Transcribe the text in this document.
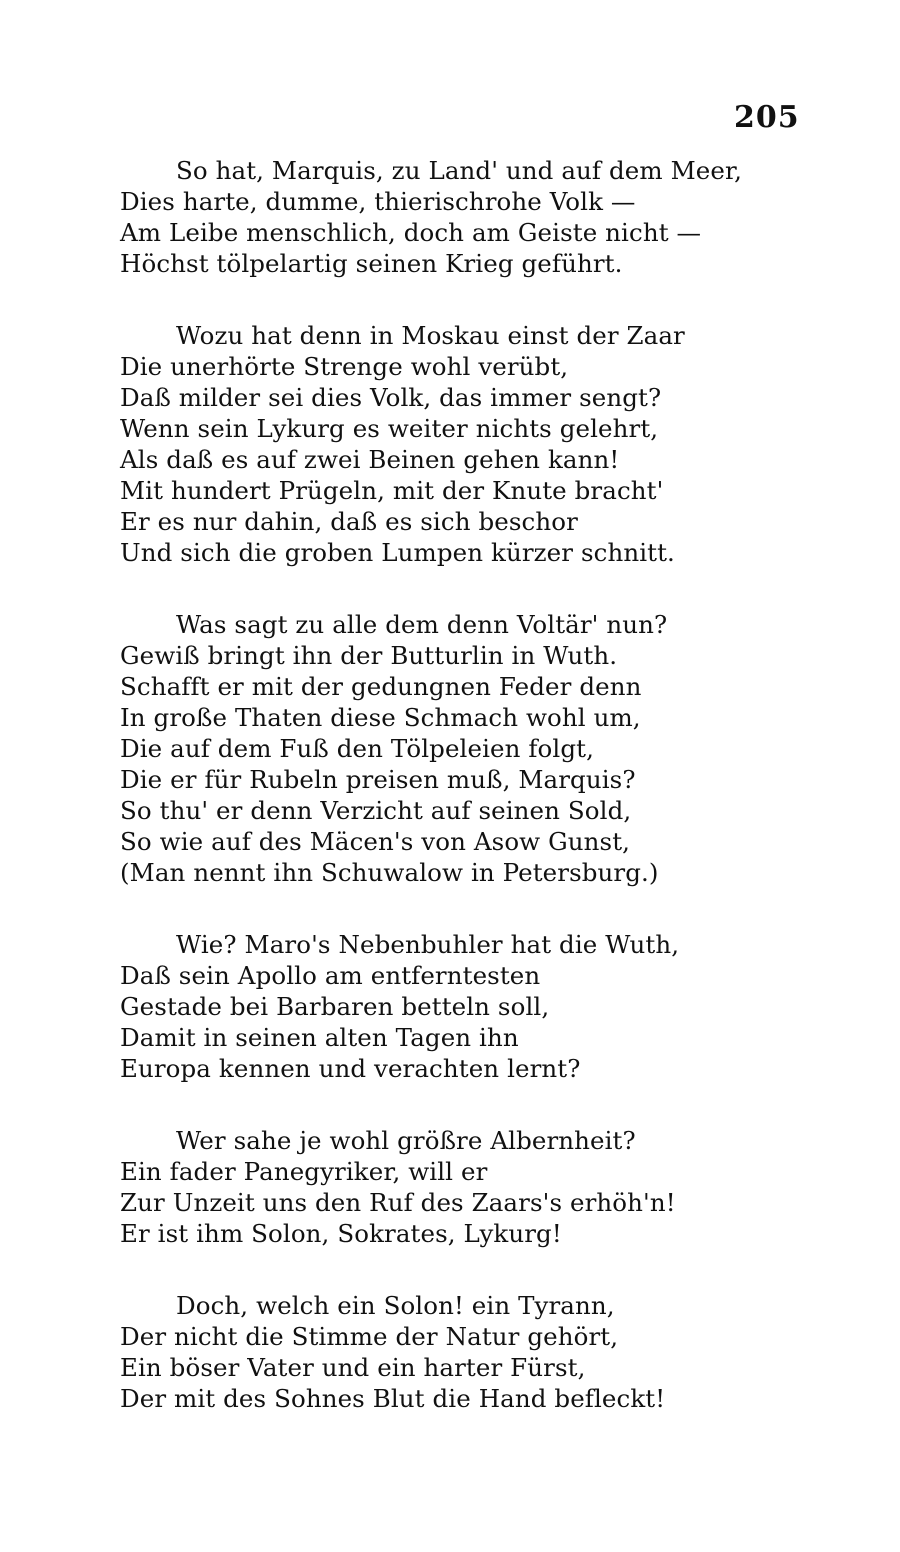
205
So hat, Marquis, zu Land' und auf dem Meer,
Dies harte, dumme, thierischrohe Volk —
Am Leibe menschlich, doch am Geiste nicht —
Höchst tölpelartig seinen Krieg geführt.
Wozu hat denn in Moskau einst der Zaar
Die unerhörte Strenge wohl verübt,
Daß milder sei dies Volk, das immer sengt?
Wenn sein Lykurg es weiter nichts gelehrt,
Als daß es auf zwei Beinen gehen kann!
Mit hundert Prügeln, mit der Knute bracht'
Er es nur dahin, daß es sich beschor
Und sich die groben Lumpen kürzer schnitt.
Was sagt zu alle dem denn Voltär' nun?
Gewiß bringt ihn der Butturlin in Wuth.
Schafft er mit der gedungnen Feder denn
In große Thaten diese Schmach wohl um,
Die auf dem Fuß den Tölpeleien folgt,
Die er für Rubeln preisen muß, Marquis?
So thu' er denn Verzicht auf seinen Sold,
So wie auf des Mäcen's von Asow Gunst,
(Man nennt ihn Schuwalow in Petersburg.)
Wie? Maro's Nebenbuhler hat die Wuth,
Daß sein Apollo am entferntesten
Gestade bei Barbaren betteln soll,
Damit in seinen alten Tagen ihn
Europa kennen und verachten lernt?
Wer sahe je wohl größre Albernheit?
Ein fader Panegyriker, will er
Zur Unzeit uns den Ruf des Zaars's erhöh'n!
Er ist ihm Solon, Sokrates, Lykurg!
Doch, welch ein Solon! ein Tyrann,
Der nicht die Stimme der Natur gehört,
Ein böser Vater und ein harter Fürst,
Der mit des Sohnes Blut die Hand befleckt!
